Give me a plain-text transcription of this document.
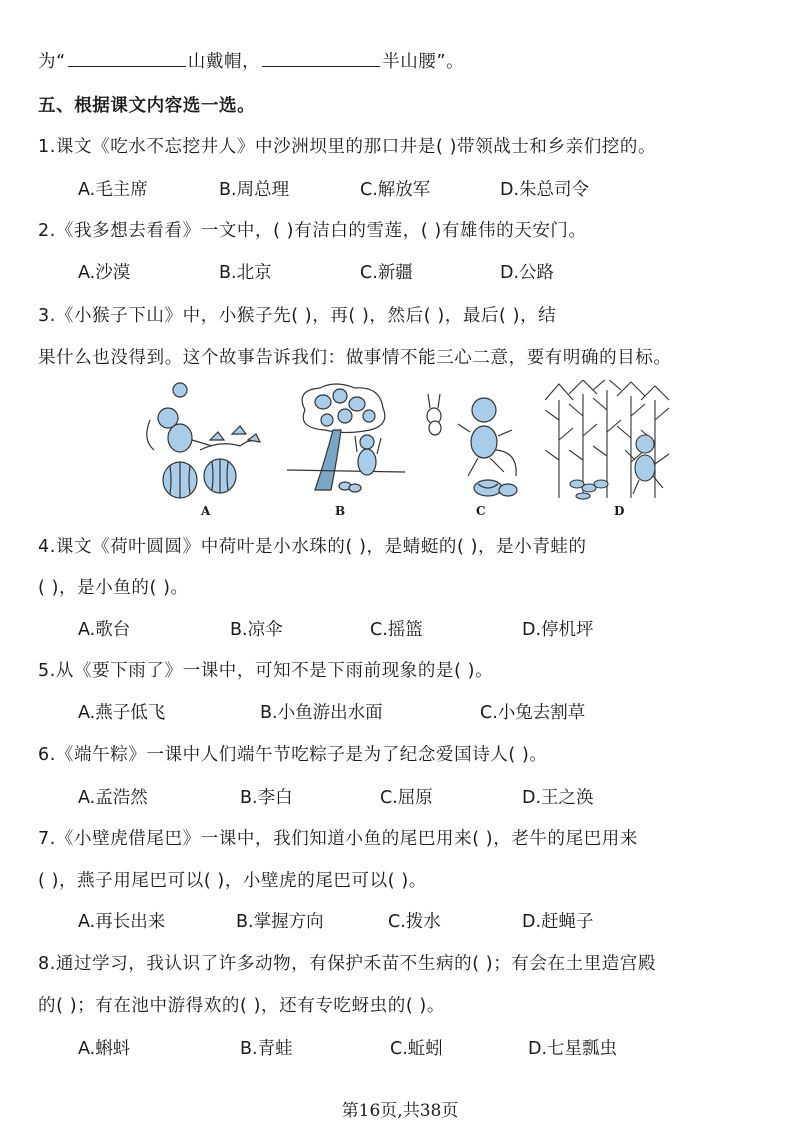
为“	山戴帽，	半山腰”。
五、根据课文内容选一选。
1.课文《吃水不忘挖井人》中沙洲坝里的那口井是( )带领战士和乡亲们挖的。
A.毛主席	B.周总理	C.解放军	D.朱总司令
2.《我多想去看看》一文中，( )有洁白的雪莲，( )有雄伟的天安门。
A.沙漠	B.北京	C.新疆	D.公路
3.《小猴子下山》中，小猴子先( )，再( )，然后( )，最后( )，结
果什么也没得到。这个故事告诉我们：做事情不能三心二意，要有明确的目标。
A	B	C	D
4.课文《荷叶圆圆》中荷叶是小水珠的( )，是蜻蜓的( )，是小青蛙的
( )，是小鱼的( )。
A.歌台	B.凉伞	C.摇篮	D.停机坪
5.从《要下雨了》一课中，可知不是下雨前现象的是( )。
A.燕子低飞	B.小鱼游出水面	C.小兔去割草
6.《端午粽》一课中人们端午节吃粽子是为了纪念爱国诗人( )。
A.孟浩然	B.李白	C.屈原	D.王之涣
7.《小壁虎借尾巴》一课中，我们知道小鱼的尾巴用来( )，老牛的尾巴用来
( )，燕子用尾巴可以( )，小壁虎的尾巴可以( )。
A.再长出来	B.掌握方向	C.拨水	D.赶蝇子
8.通过学习，我认识了许多动物，有保护禾苗不生病的( )；有会在土里造宫殿
的( )；有在池中游得欢的( )，还有专吃蚜虫的( )。
A.蝌蚪	B.青蛙	C.蚯蚓	D.七星瓢虫
第16页,共38页
